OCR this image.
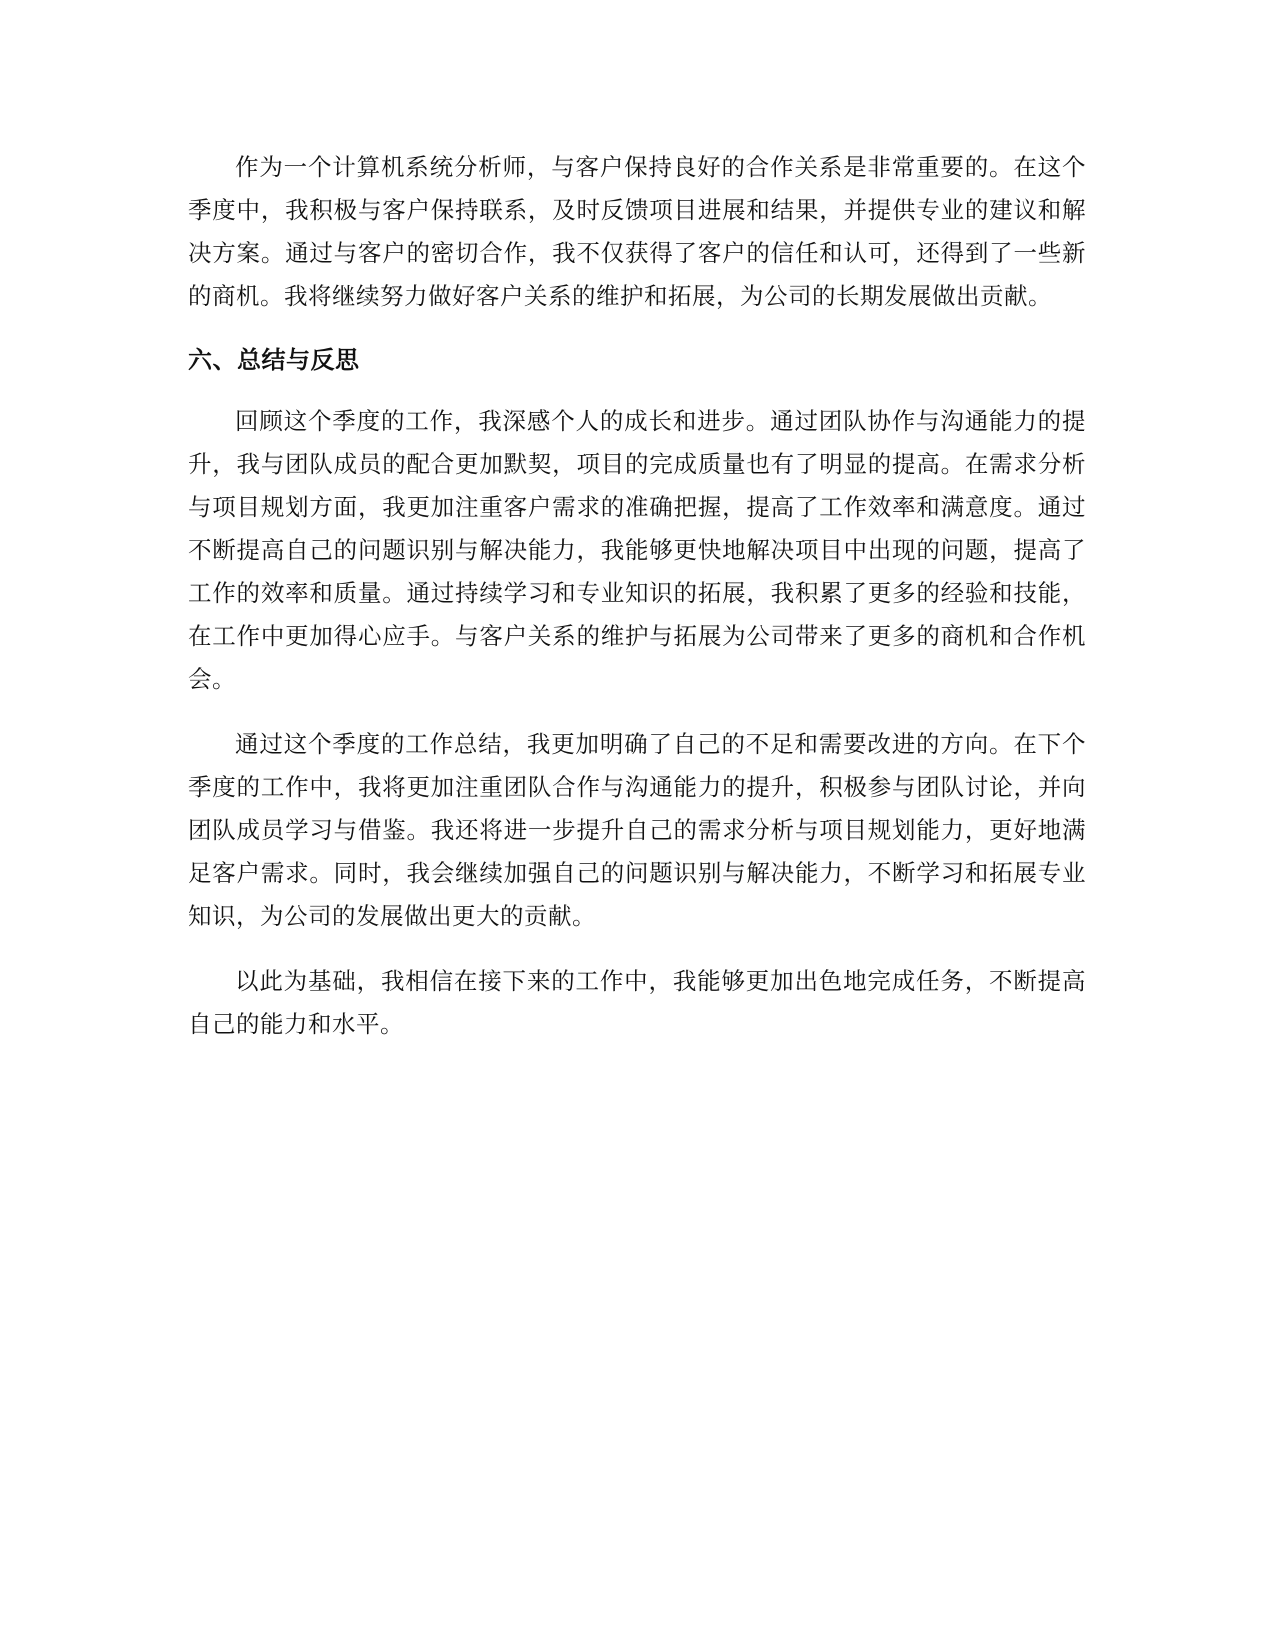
作为一个计算机系统分析师，与客户保持良好的合作关系是非常重要的。在这个季度中，我积极与客户保持联系，及时反馈项目进展和结果，并提供专业的建议和解决方案。通过与客户的密切合作，我不仅获得了客户的信任和认可，还得到了一些新的商机。我将继续努力做好客户关系的维护和拓展，为公司的长期发展做出贡献。

六、总结与反思

回顾这个季度的工作，我深感个人的成长和进步。通过团队协作与沟通能力的提升，我与团队成员的配合更加默契，项目的完成质量也有了明显的提高。在需求分析与项目规划方面，我更加注重客户需求的准确把握，提高了工作效率和满意度。通过不断提高自己的问题识别与解决能力，我能够更快地解决项目中出现的问题，提高了工作的效率和质量。通过持续学习和专业知识的拓展，我积累了更多的经验和技能，在工作中更加得心应手。与客户关系的维护与拓展为公司带来了更多的商机和合作机会。

通过这个季度的工作总结，我更加明确了自己的不足和需要改进的方向。在下个季度的工作中，我将更加注重团队合作与沟通能力的提升，积极参与团队讨论，并向团队成员学习与借鉴。我还将进一步提升自己的需求分析与项目规划能力，更好地满足客户需求。同时，我会继续加强自己的问题识别与解决能力，不断学习和拓展专业知识，为公司的发展做出更大的贡献。

以此为基础，我相信在接下来的工作中，我能够更加出色地完成任务，不断提高自己的能力和水平。
